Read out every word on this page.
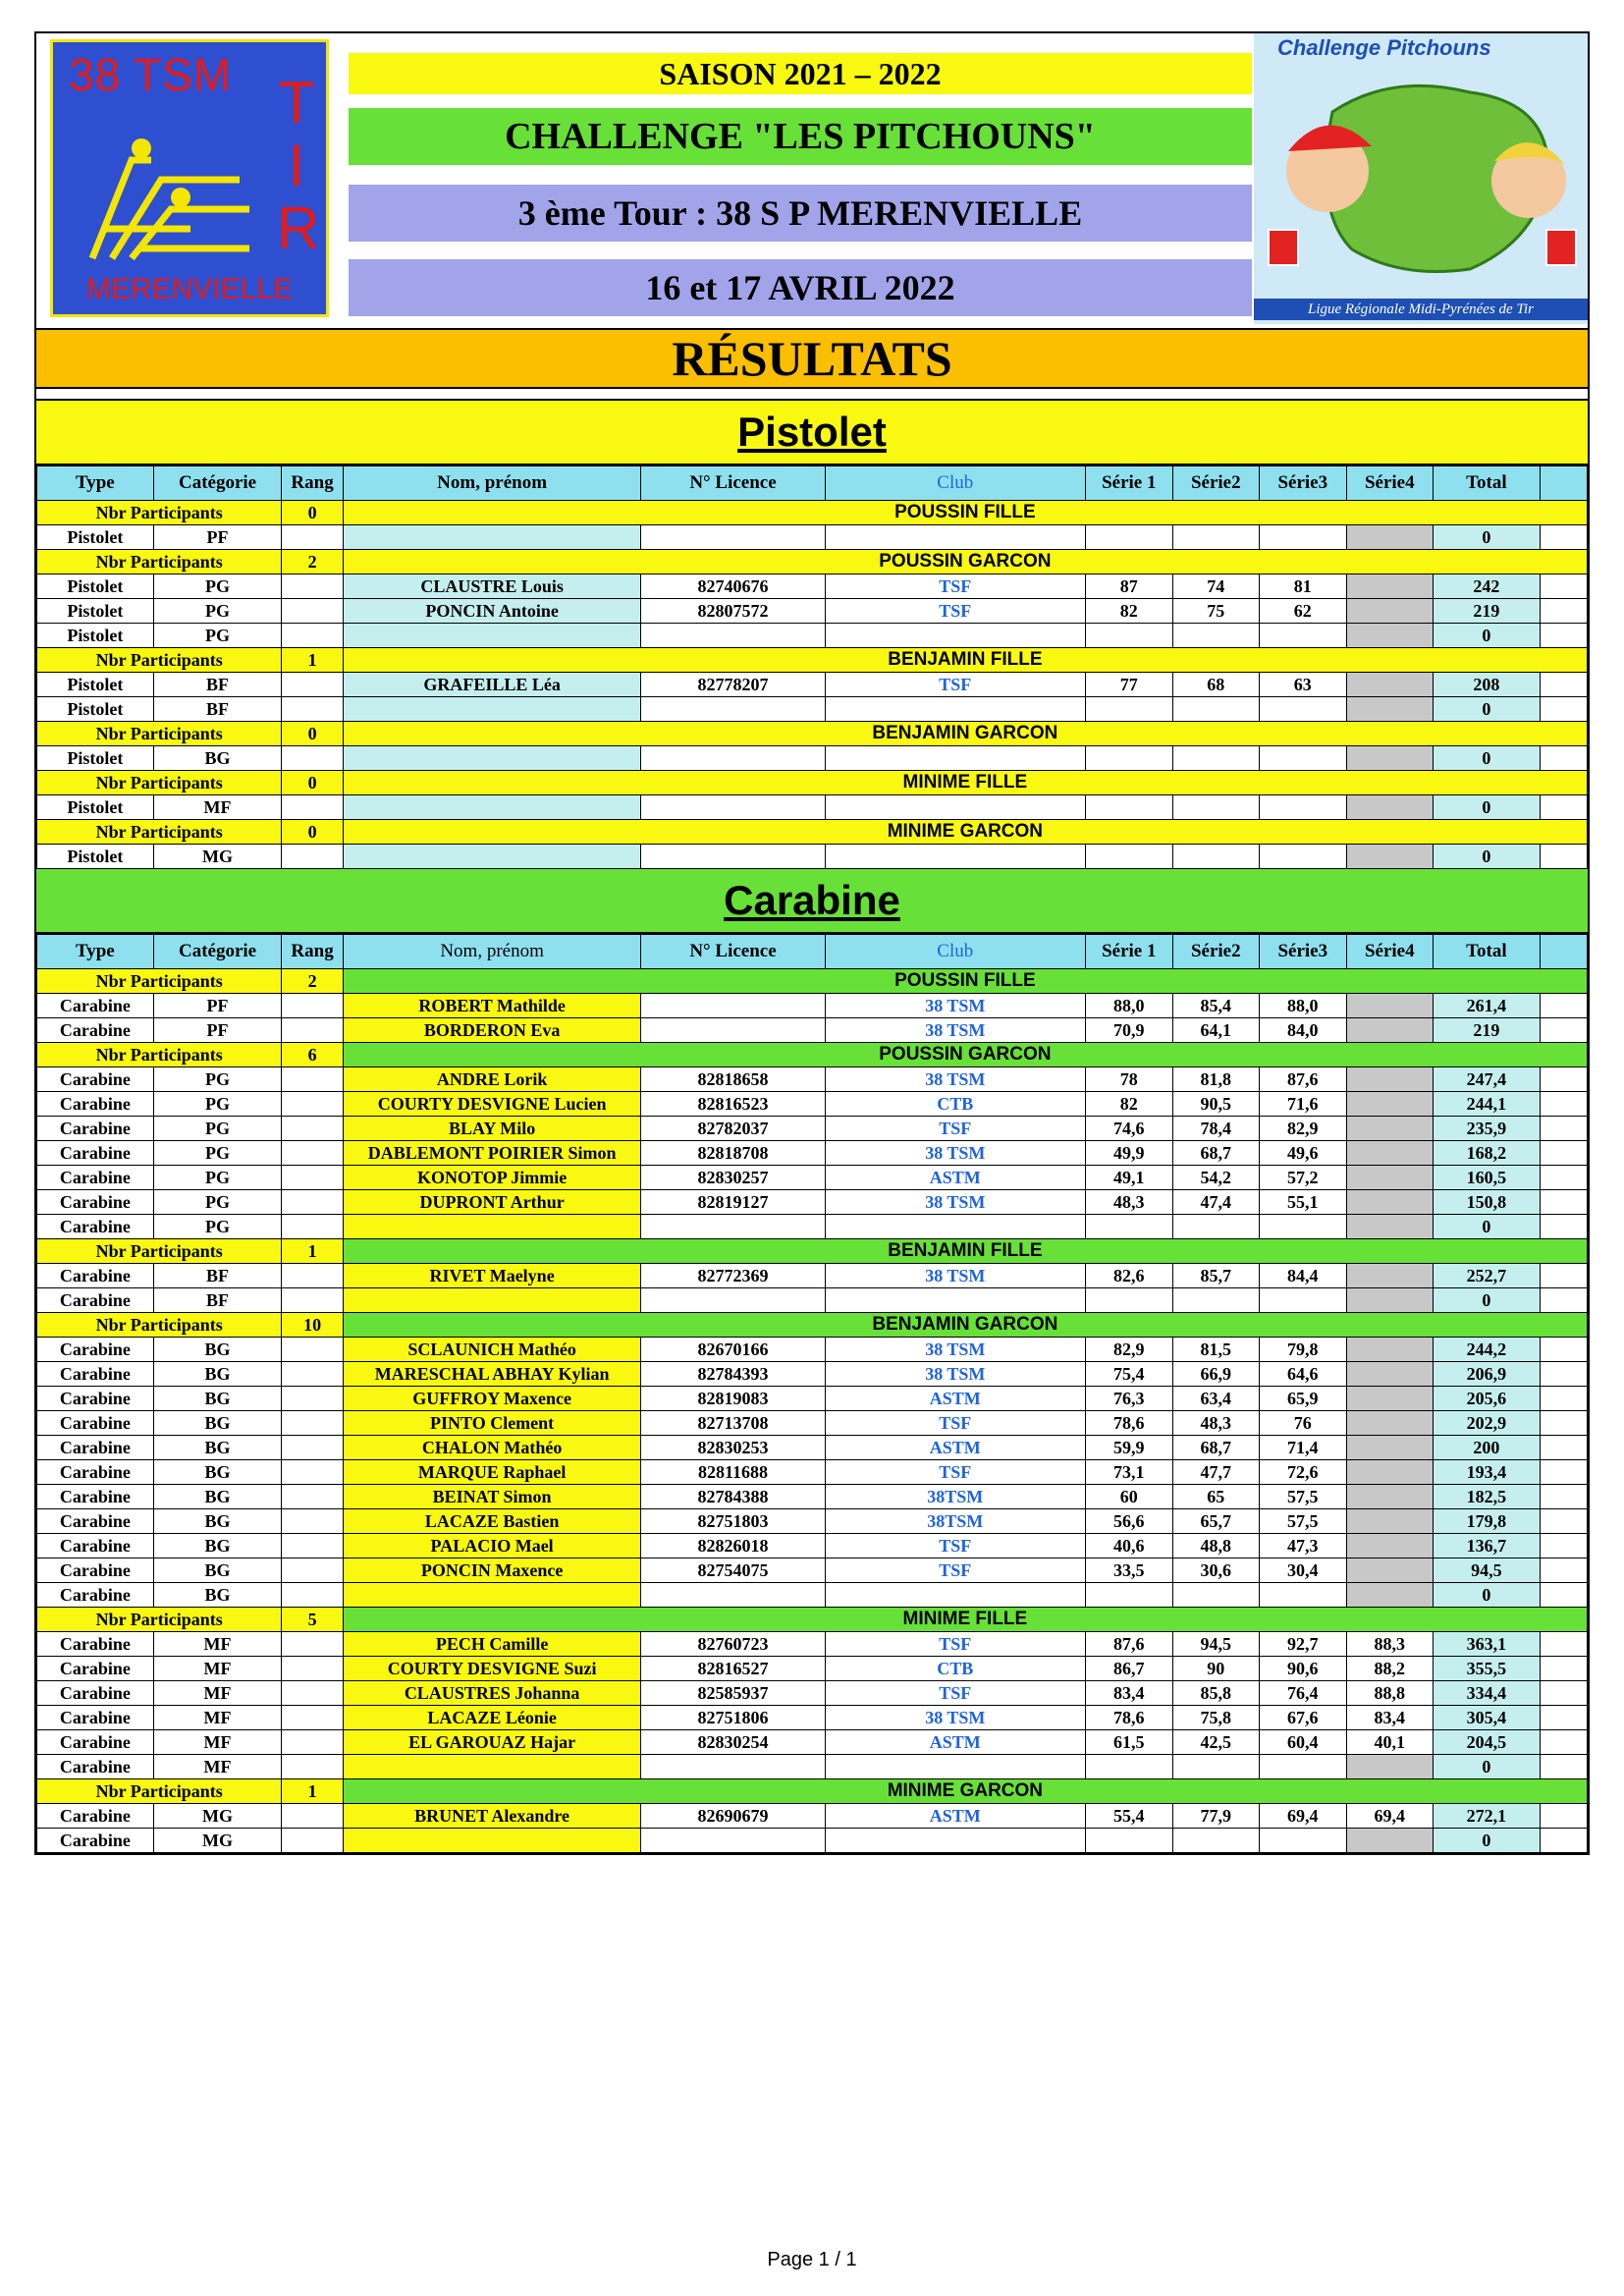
38 TSM T
I
R
MERENVIELLE
SAISON 2021 – 2022
CHALLENGE "LES PITCHOUNS"
3 ème Tour : 38 S P MERENVIELLE
16 et 17 AVRIL 2022
Challenge Pitchouns
Ligue Régionale Midi-Pyrénées de Tir
RÉSULTATS
Pistolet
Type	Catégorie	Rang	Nom, prénom	N° Licence	Club	Série 1	Série2	Série3	Série4	Total	
Nbr Participants		0	POUSSIN FILLE								
Pistolet	PF									0	
Nbr Participants		2	POUSSIN GARCON								
Pistolet	PG		CLAUSTRE Louis	82740676	TSF	87	74	81		242	
Pistolet	PG		PONCIN Antoine	82807572	TSF	82	75	62		219	
Pistolet	PG									0	
Nbr Participants		1	BENJAMIN FILLE								
Pistolet	BF		GRAFEILLE Léa	82778207	TSF	77	68	63		208	
Pistolet	BF									0	
Nbr Participants		0	BENJAMIN GARCON								
Pistolet	BG									0	
Nbr Participants		0	MINIME FILLE								
Pistolet	MF									0	
Nbr Participants		0	MINIME GARCON								
Pistolet	MG									0	
Carabine
Type	Catégorie	Rang	Nom, prénom	N° Licence	Club	Série 1	Série2	Série3	Série4	Total	
Nbr Participants		2	POUSSIN FILLE								
Carabine	PF		ROBERT Mathilde		38 TSM	88,0	85,4	88,0		261,4	
Carabine	PF		BORDERON Eva		38 TSM	70,9	64,1	84,0		219	
Nbr Participants		6	POUSSIN GARCON								
Carabine	PG		ANDRE Lorik	82818658	38 TSM	78	81,8	87,6		247,4	
Carabine	PG		COURTY DESVIGNE Lucien	82816523	CTB	82	90,5	71,6		244,1	
Carabine	PG		BLAY Milo	82782037	TSF	74,6	78,4	82,9		235,9	
Carabine	PG		DABLEMONT POIRIER Simon	82818708	38 TSM	49,9	68,7	49,6		168,2	
Carabine	PG		KONOTOP Jimmie	82830257	ASTM	49,1	54,2	57,2		160,5	
Carabine	PG		DUPRONT Arthur	82819127	38 TSM	48,3	47,4	55,1		150,8	
Carabine	PG									0	
Nbr Participants		1	BENJAMIN FILLE								
Carabine	BF		RIVET Maelyne	82772369	38 TSM	82,6	85,7	84,4		252,7	
Carabine	BF									0	
Nbr Participants		10	BENJAMIN GARCON								
Carabine	BG		SCLAUNICH Mathéo	82670166	38 TSM	82,9	81,5	79,8		244,2	
Carabine	BG		MARESCHAL ABHAY Kylian	82784393	38 TSM	75,4	66,9	64,6		206,9	
Carabine	BG		GUFFROY Maxence	82819083	ASTM	76,3	63,4	65,9		205,6	
Carabine	BG		PINTO Clement	82713708	TSF	78,6	48,3	76		202,9	
Carabine	BG		CHALON Mathéo	82830253	ASTM	59,9	68,7	71,4		200	
Carabine	BG		MARQUE Raphael	82811688	TSF	73,1	47,7	72,6		193,4	
Carabine	BG		BEINAT Simon	82784388	38TSM	60	65	57,5		182,5	
Carabine	BG		LACAZE Bastien	82751803	38TSM	56,6	65,7	57,5		179,8	
Carabine	BG		PALACIO Mael	82826018	TSF	40,6	48,8	47,3		136,7	
Carabine	BG		PONCIN Maxence	82754075	TSF	33,5	30,6	30,4		94,5	
Carabine	BG									0	
Nbr Participants		5	MINIME FILLE								
Carabine	MF		PECH Camille	82760723	TSF	87,6	94,5	92,7	88,3	363,1	
Carabine	MF		COURTY DESVIGNE Suzi	82816527	CTB	86,7	90	90,6	88,2	355,5	
Carabine	MF		CLAUSTRES Johanna	82585937	TSF	83,4	85,8	76,4	88,8	334,4	
Carabine	MF		LACAZE Léonie	82751806	38 TSM	78,6	75,8	67,6	83,4	305,4	
Carabine	MF		EL GAROUAZ Hajar	82830254	ASTM	61,5	42,5	60,4	40,1	204,5	
Carabine	MF									0	
Nbr Participants		1	MINIME GARCON								
Carabine	MG		BRUNET Alexandre	82690679	ASTM	55,4	77,9	69,4	69,4	272,1	
Carabine	MG									0	
Page 1 / 1
